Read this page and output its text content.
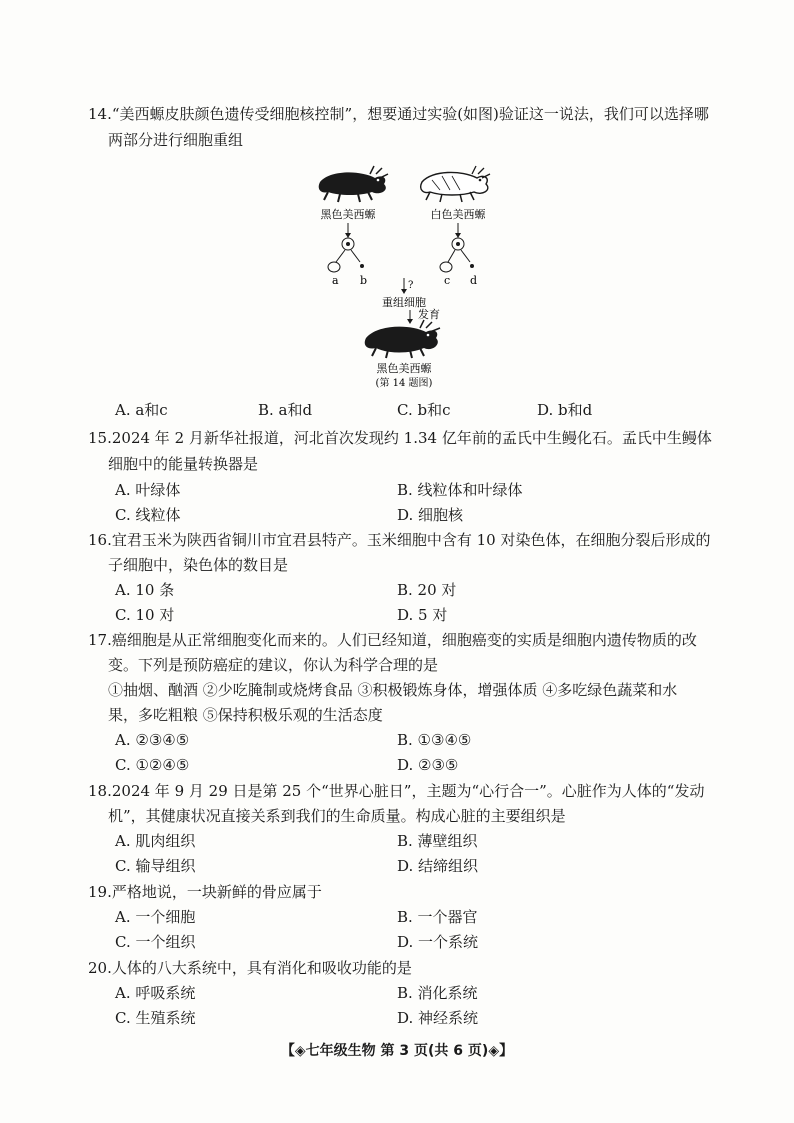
14.“美西螈皮肤颜色遗传受细胞核控制”，想要通过实验(如图)验证这一说法，我们可以选择哪
两部分进行细胞重组
黑色美西螈	白色美西螈
a b	c d
?
重组细胞
发育
黑色美西螈
(第 14 题图)
A. a和c	B. a和d	C. b和c	D. b和d
15.2024 年 2 月新华社报道，河北首次发现约 1.34 亿年前的孟氏中生鳗化石。孟氏中生鳗体
细胞中的能量转换器是
A. 叶绿体	B. 线粒体和叶绿体
C. 线粒体	D. 细胞核
16.宜君玉米为陕西省铜川市宜君县特产。玉米细胞中含有 10 对染色体，在细胞分裂后形成的
子细胞中，染色体的数目是
A. 10 条	B. 20 对
C. 10 对	D. 5 对
17.癌细胞是从正常细胞变化而来的。人们已经知道，细胞癌变的实质是细胞内遗传物质的改
变。下列是预防癌症的建议，你认为科学合理的是
①抽烟、酗酒 ②少吃腌制或烧烤食品 ③积极锻炼身体，增强体质 ④多吃绿色蔬菜和水
果，多吃粗粮 ⑤保持积极乐观的生活态度
A. ②③④⑤	B. ①③④⑤
C. ①②④⑤	D. ②③⑤
18.2024 年 9 月 29 日是第 25 个“世界心脏日”，主题为“心行合一”。心脏作为人体的“发动
机”，其健康状况直接关系到我们的生命质量。构成心脏的主要组织是
A. 肌肉组织	B. 薄壁组织
C. 输导组织	D. 结缔组织
19.严格地说，一块新鲜的骨应属于
A. 一个细胞	B. 一个器官
C. 一个组织	D. 一个系统
20.人体的八大系统中，具有消化和吸收功能的是
A. 呼吸系统	B. 消化系统
C. 生殖系统	D. 神经系统
【◈七年级生物 第 3 页(共 6 页)◈】
